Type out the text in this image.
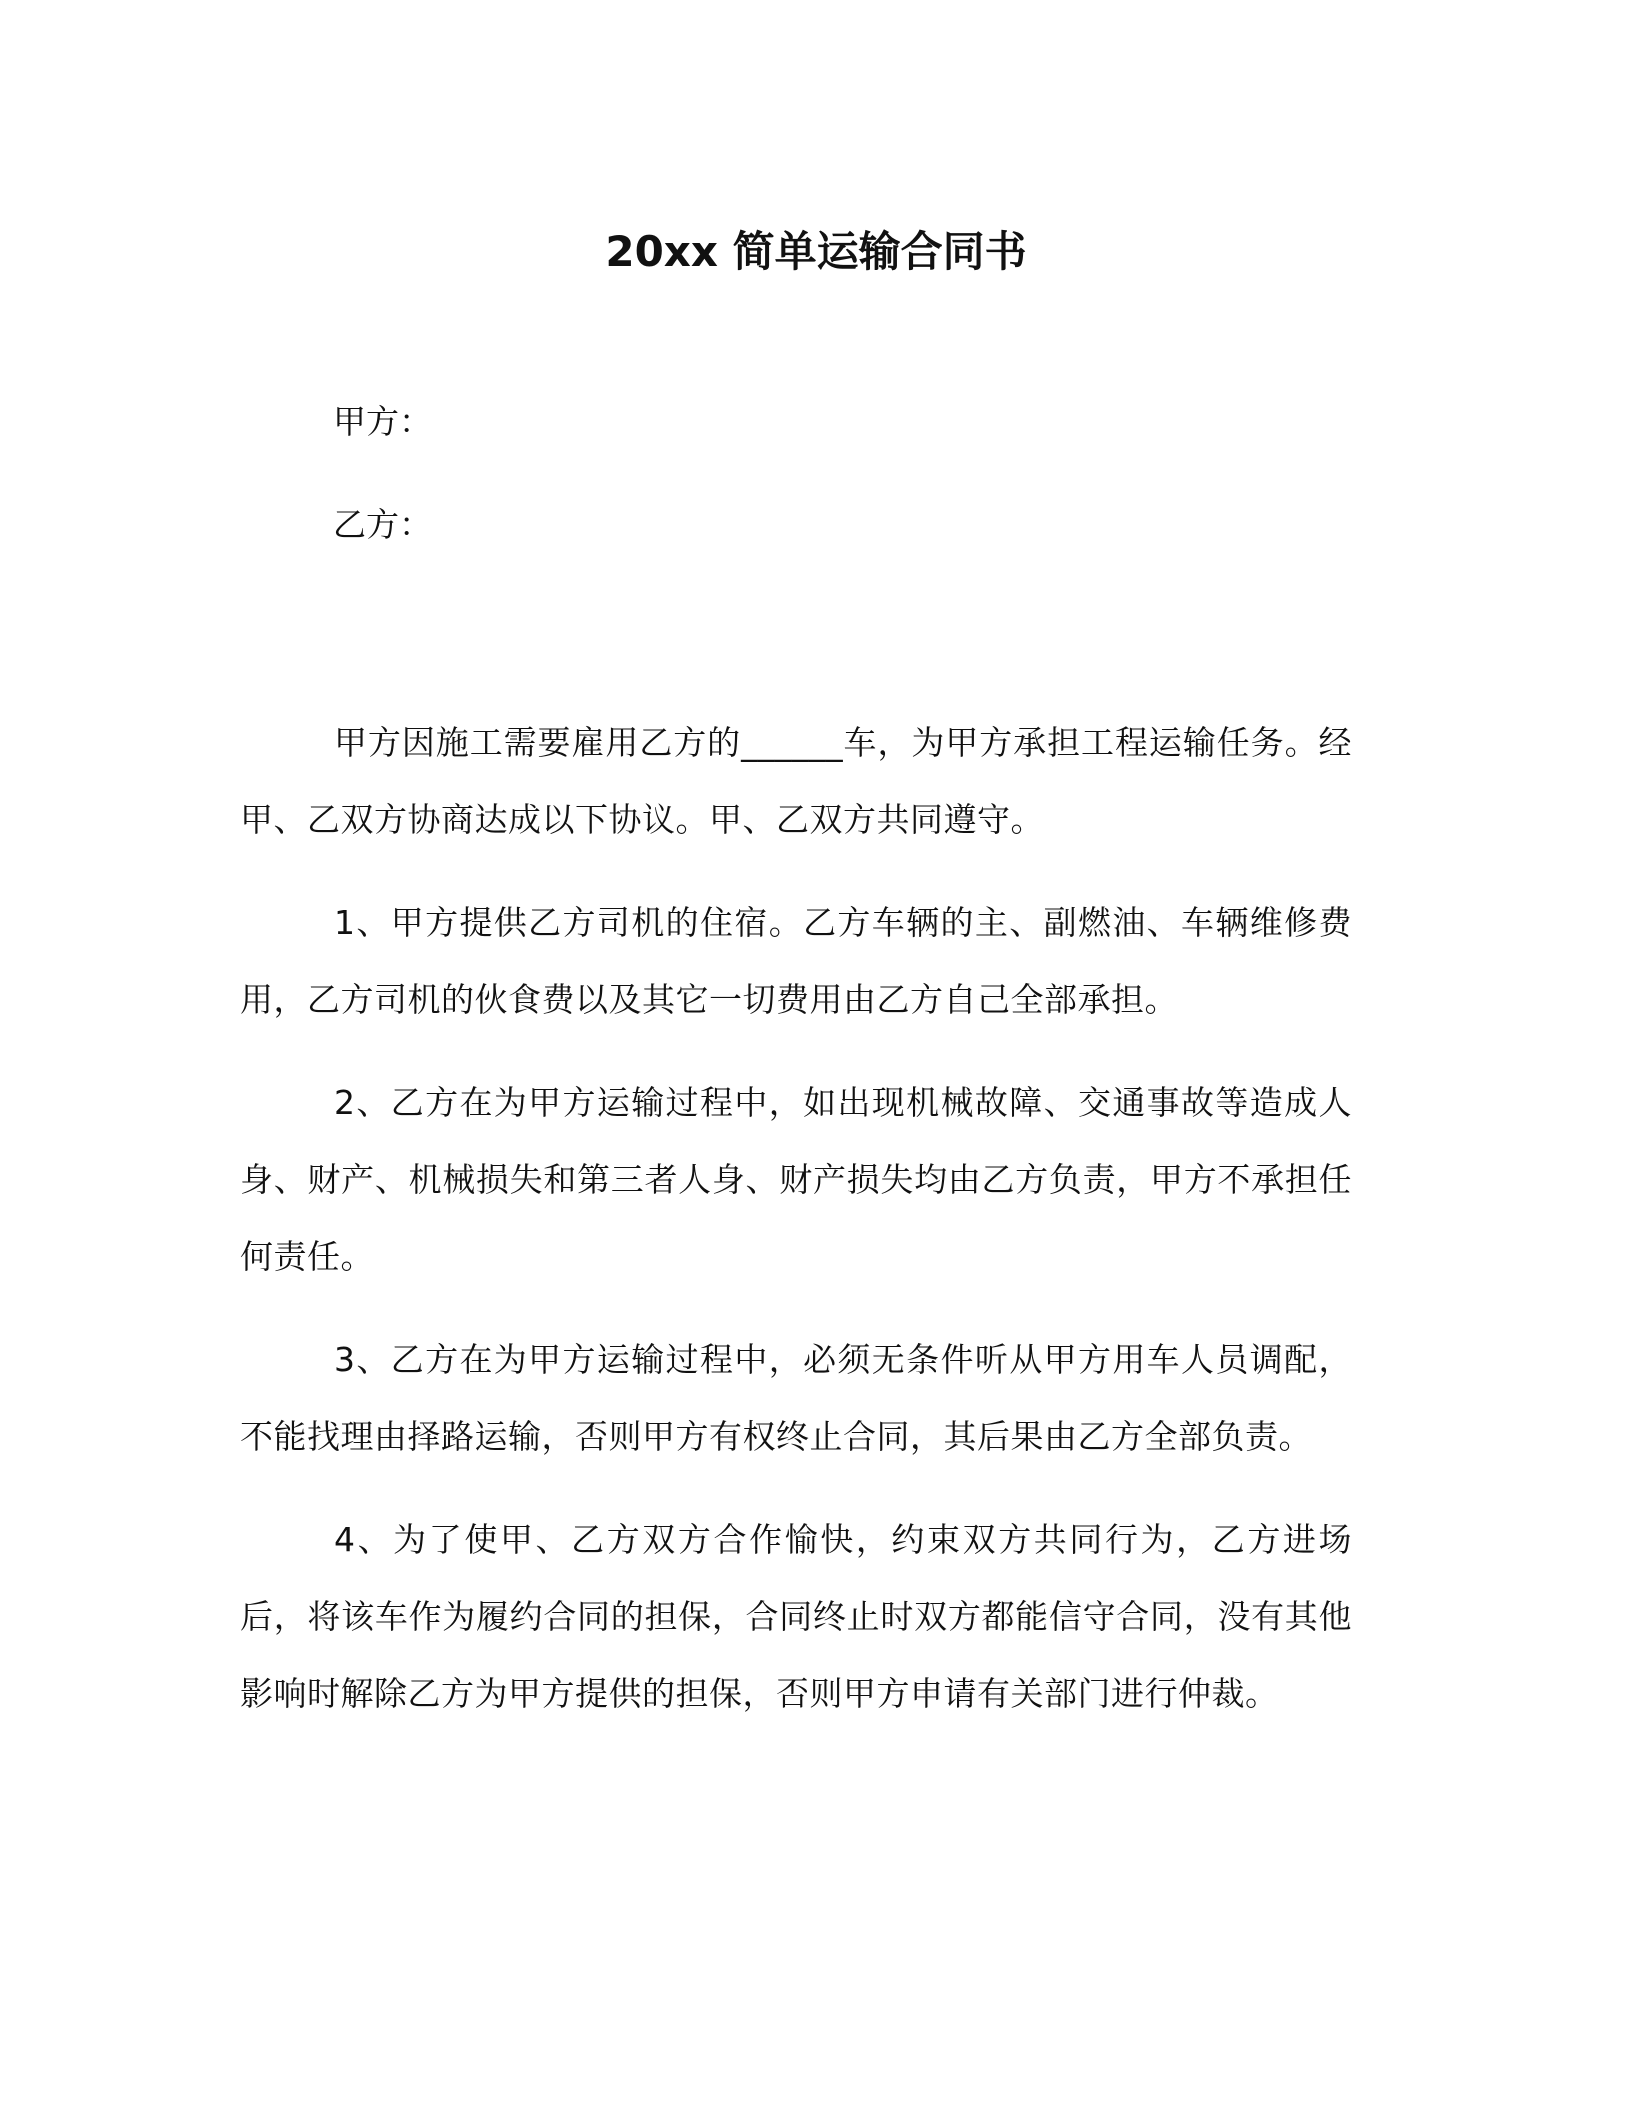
20xx 简单运输合同书

甲方：

乙方：

甲方因施工需要雇用乙方的______车，为甲方承担工程运输任务。经甲、乙双方协商达成以下协议。甲、乙双方共同遵守。

1、甲方提供乙方司机的住宿。乙方车辆的主、副燃油、车辆维修费用，乙方司机的伙食费以及其它一切费用由乙方自己全部承担。

2、乙方在为甲方运输过程中，如出现机械故障、交通事故等造成人身、财产、机械损失和第三者人身、财产损失均由乙方负责，甲方不承担任何责任。

3、乙方在为甲方运输过程中，必须无条件听从甲方用车人员调配，不能找理由择路运输，否则甲方有权终止合同，其后果由乙方全部负责。

4、为了使甲、乙方双方合作愉快，约束双方共同行为，乙方进场后，将该车作为履约合同的担保，合同终止时双方都能信守合同，没有其他影响时解除乙方为甲方提供的担保，否则甲方申请有关部门进行仲裁。
